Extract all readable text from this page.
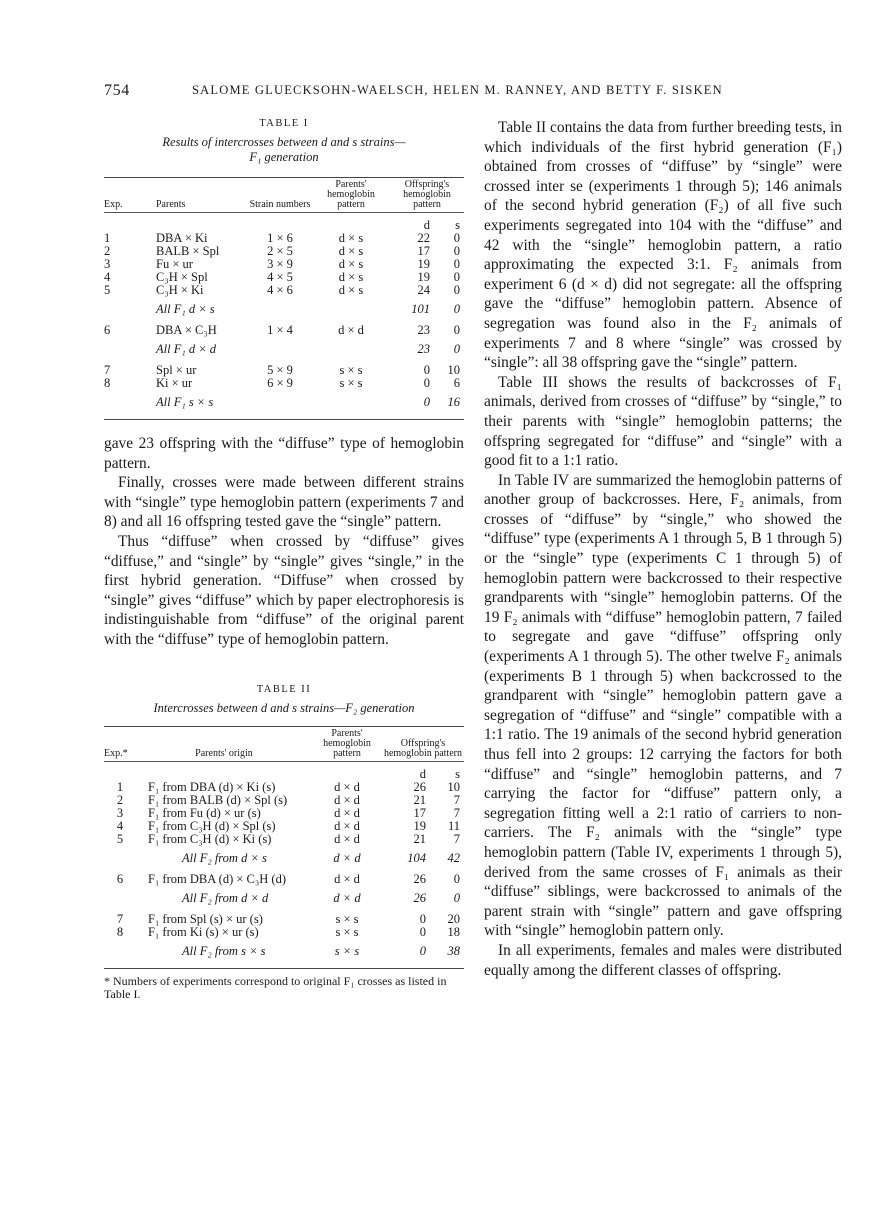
754	SALOME GLUECKSOHN-WAELSCH, HELEN M. RANNEY, AND BETTY F. SISKEN
TABLE I
Results of intercrosses between d and s strains—
F₁ generation

Exp.	Parents	Strain numbers	Parents' hemoglobin pattern	Offspring's hemoglobin pattern	

				d	s
1	DBA × Ki	1 × 6	d × s	22	0
2	BALB × Spl	2 × 5	d × s	17	0
3	Fu × ur	3 × 9	d × s	19	0
4	C₃H × Spl	4 × 5	d × s	19	0
5	C₃H × Ki	4 × 6	d × s	24	0
	All F₁ d × s			101	0
6	DBA × C₃H	1 × 4	d × d	23	0
	All F₁ d × d			23	0
7	Spl × ur	5 × 9	s × s	0	10
8	Ki × ur	6 × 9	s × s	0	6
	All F₁ s × s			0	16

gave 23 offspring with the “diffuse” type of hemoglobin pattern.

Finally, crosses were made between different strains with “single” type hemoglobin pattern (experiments 7 and 8) and all 16 offspring tested gave the “single” pattern.

Thus “diffuse” when crossed by “diffuse” gives “diffuse,” and “single” by “single” gives “single,” in the first hybrid generation. “Diffuse” when crossed by “single” gives “diffuse” which by paper electrophoresis is indistinguishable from “diffuse” of the original parent with the “diffuse” type of hemoglobin pattern.

TABLE II
Intercrosses between d and s strains—F₂ generation

Exp.*	Parents' origin	Parents' hemoglobin pattern	Offspring's hemoglobin pattern	

			d	s
1	F₁ from DBA (d) × Ki (s)	d × d	26	10
2	F₁ from BALB (d) × Spl (s)	d × d	21	7
3	F₁ from Fu (d) × ur (s)	d × d	17	7
4	F₁ from C₃H (d) × Spl (s)	d × d	19	11
5	F₁ from C₃H (d) × Ki (s)	d × d	21	7
	All F₂ from d × s	d × d	104	42
6	F₁ from DBA (d) × C₃H (d)	d × d	26	0
	All F₂ from d × d	d × d	26	0
7	F₁ from Spl (s) × ur (s)	s × s	0	20
8	F₁ from Ki (s) × ur (s)	s × s	0	18
	All F₂ from s × s	s × s	0	38

* Numbers of experiments correspond to original F₁ crosses as listed in Table I.

Table II contains the data from further breeding tests, in which individuals of the first hybrid generation (F₁) obtained from crosses of “diffuse” by “single” were crossed inter se (experiments 1 through 5); 146 animals of the second hybrid generation (F₂) of all five such experiments segregated into 104 with the “diffuse” and 42 with the “single” hemoglobin pattern, a ratio approximating the expected 3:1. F₂ animals from experiment 6 (d × d) did not segregate: all the offspring gave the “diffuse” hemoglobin pattern. Absence of segregation was found also in the F₂ animals of experiments 7 and 8 where “single” was crossed by “single”: all 38 offspring gave the “single” pattern.

Table III shows the results of backcrosses of F₁ animals, derived from crosses of “diffuse” by “single,” to their parents with “single” hemoglobin patterns; the offspring segregated for “diffuse” and “single” with a good fit to a 1:1 ratio.

In Table IV are summarized the hemoglobin patterns of another group of backcrosses. Here, F₂ animals, from crosses of “diffuse” by “single,” who showed the “diffuse” type (experiments A 1 through 5, B 1 through 5) or the “single” type (experiments C 1 through 5) of hemoglobin pattern were backcrossed to their respective grandparents with “single” hemoglobin patterns. Of the 19 F₂ animals with “diffuse” hemoglobin pattern, 7 failed to segregate and gave “diffuse” offspring only (experiments A 1 through 5). The other twelve F₂ animals (experiments B 1 through 5) when backcrossed to the grandparent with “single” hemoglobin pattern gave a segregation of “diffuse” and “single” compatible with a 1:1 ratio. The 19 animals of the second hybrid generation thus fell into 2 groups: 12 carrying the factors for both “diffuse” and “single” hemoglobin patterns, and 7 carrying the factor for “diffuse” pattern only, a segregation fitting well a 2:1 ratio of carriers to non-carriers. The F₂ animals with the “single” type hemoglobin pattern (Table IV, experiments 1 through 5), derived from the same crosses of F₁ animals as their “diffuse” siblings, were backcrossed to animals of the parent strain with “single” pattern and gave offspring with “single” hemoglobin pattern only.

In all experiments, females and males were distributed equally among the different classes of offspring.
